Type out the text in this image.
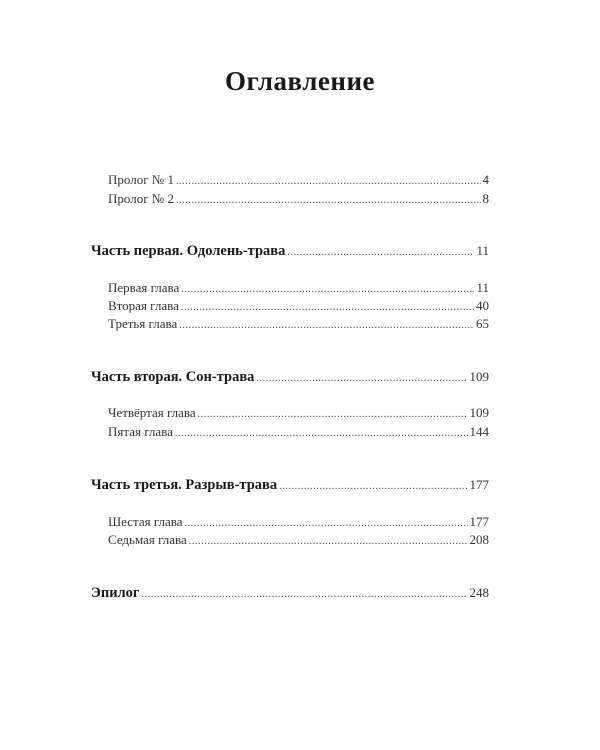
Оглавление
Пролог № 1 .....	4
Пролог № 2 .....	8
Часть первая. Одолень-трава .....	11
Первая глава .....	11
Вторая глава .....	40
Третья глава .....	65
Часть вторая. Сон-трава .....	109
Четвёртая глава .....	109
Пятая глава .....	144
Часть третья. Разрыв-трава .....	177
Шестая глава .....	177
Седьмая глава .....	208
Эпилог .....	248
